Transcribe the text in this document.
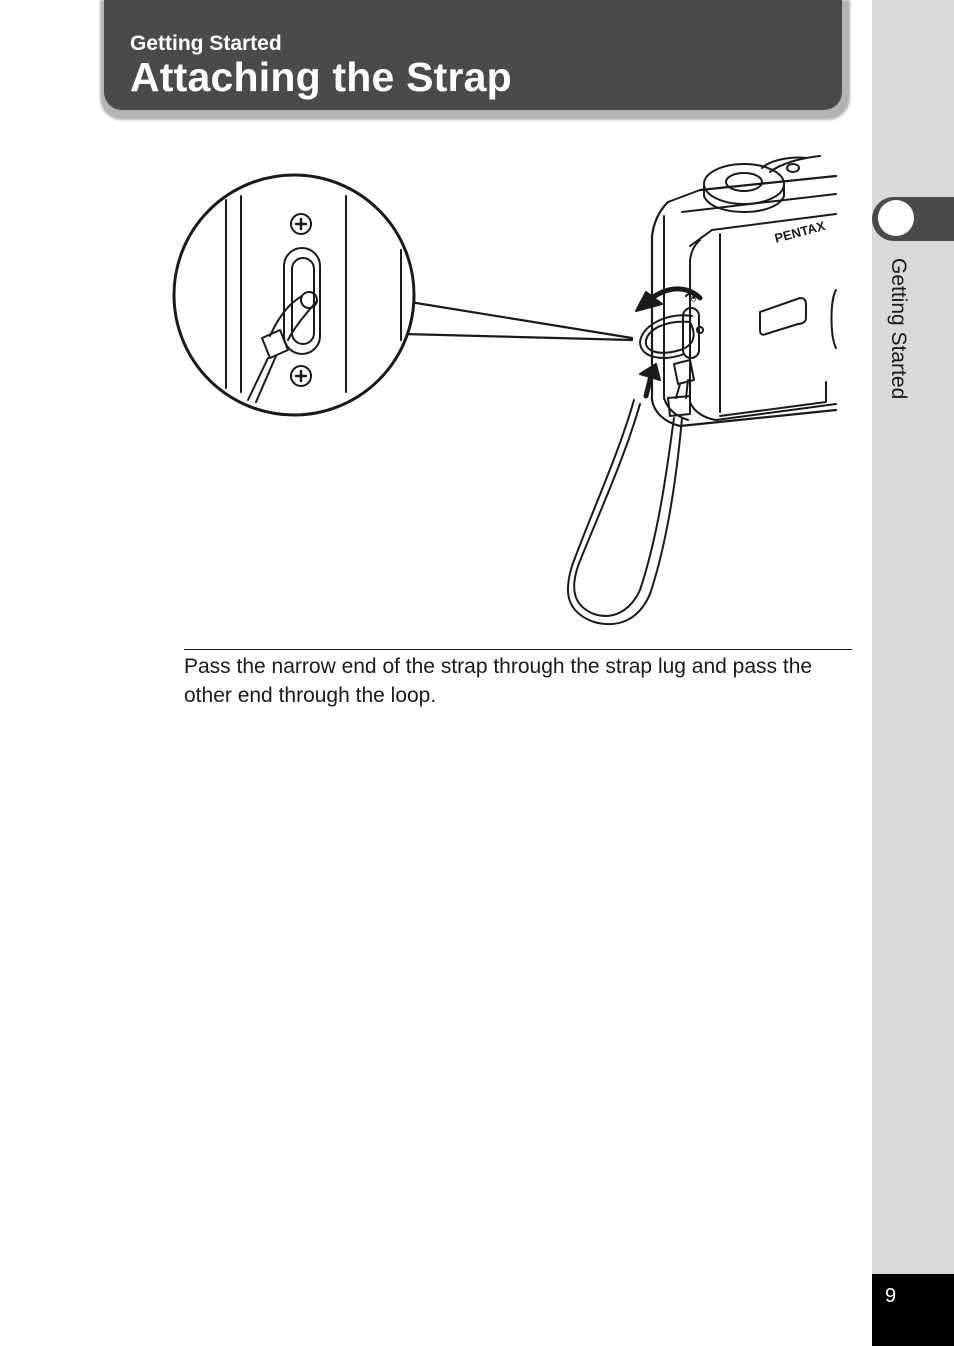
Getting Started

Attaching the Strap
Getting Started
↻
PENTAX

Pass the narrow end of the strap through the strap lug and pass the other end through the loop.

9
